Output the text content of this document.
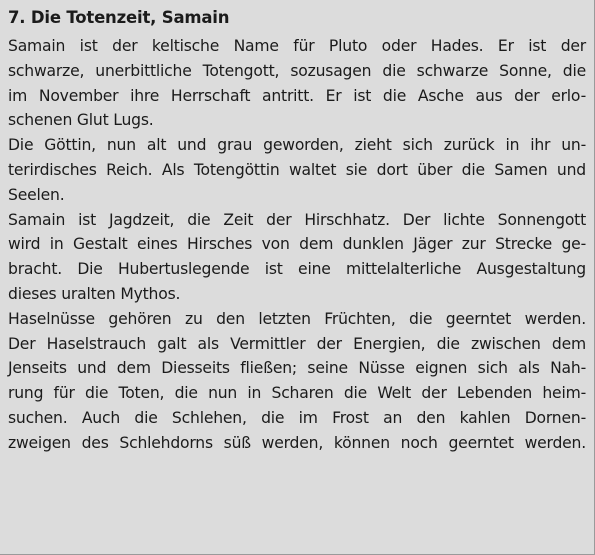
7. Die Totenzeit, Samain

Samain ist der keltische Name für Pluto oder Hades. Er ist der

schwarze, unerbittliche Totengott, sozusagen die schwarze Sonne, die

im November ihre Herrschaft antritt. Er ist die Asche aus der erlo-

schenen Glut Lugs.

Die Göttin, nun alt und grau geworden, zieht sich zurück in ihr un-

terirdisches Reich. Als Totengöttin waltet sie dort über die Samen und

Seelen.

Samain ist Jagdzeit, die Zeit der Hirschhatz. Der lichte Sonnengott

wird in Gestalt eines Hirsches von dem dunklen Jäger zur Strecke ge-

bracht. Die Hubertuslegende ist eine mittelalterliche Ausgestaltung

dieses uralten Mythos.

Haselnüsse gehören zu den letzten Früchten, die geerntet werden.

Der Haselstrauch galt als Vermittler der Energien, die zwischen dem

Jenseits und dem Diesseits fließen; seine Nüsse eignen sich als Nah-

rung für die Toten, die nun in Scharen die Welt der Lebenden heim-

suchen. Auch die Schlehen, die im Frost an den kahlen Dornen-

zweigen des Schlehdorns süß werden, können noch geerntet werden.
